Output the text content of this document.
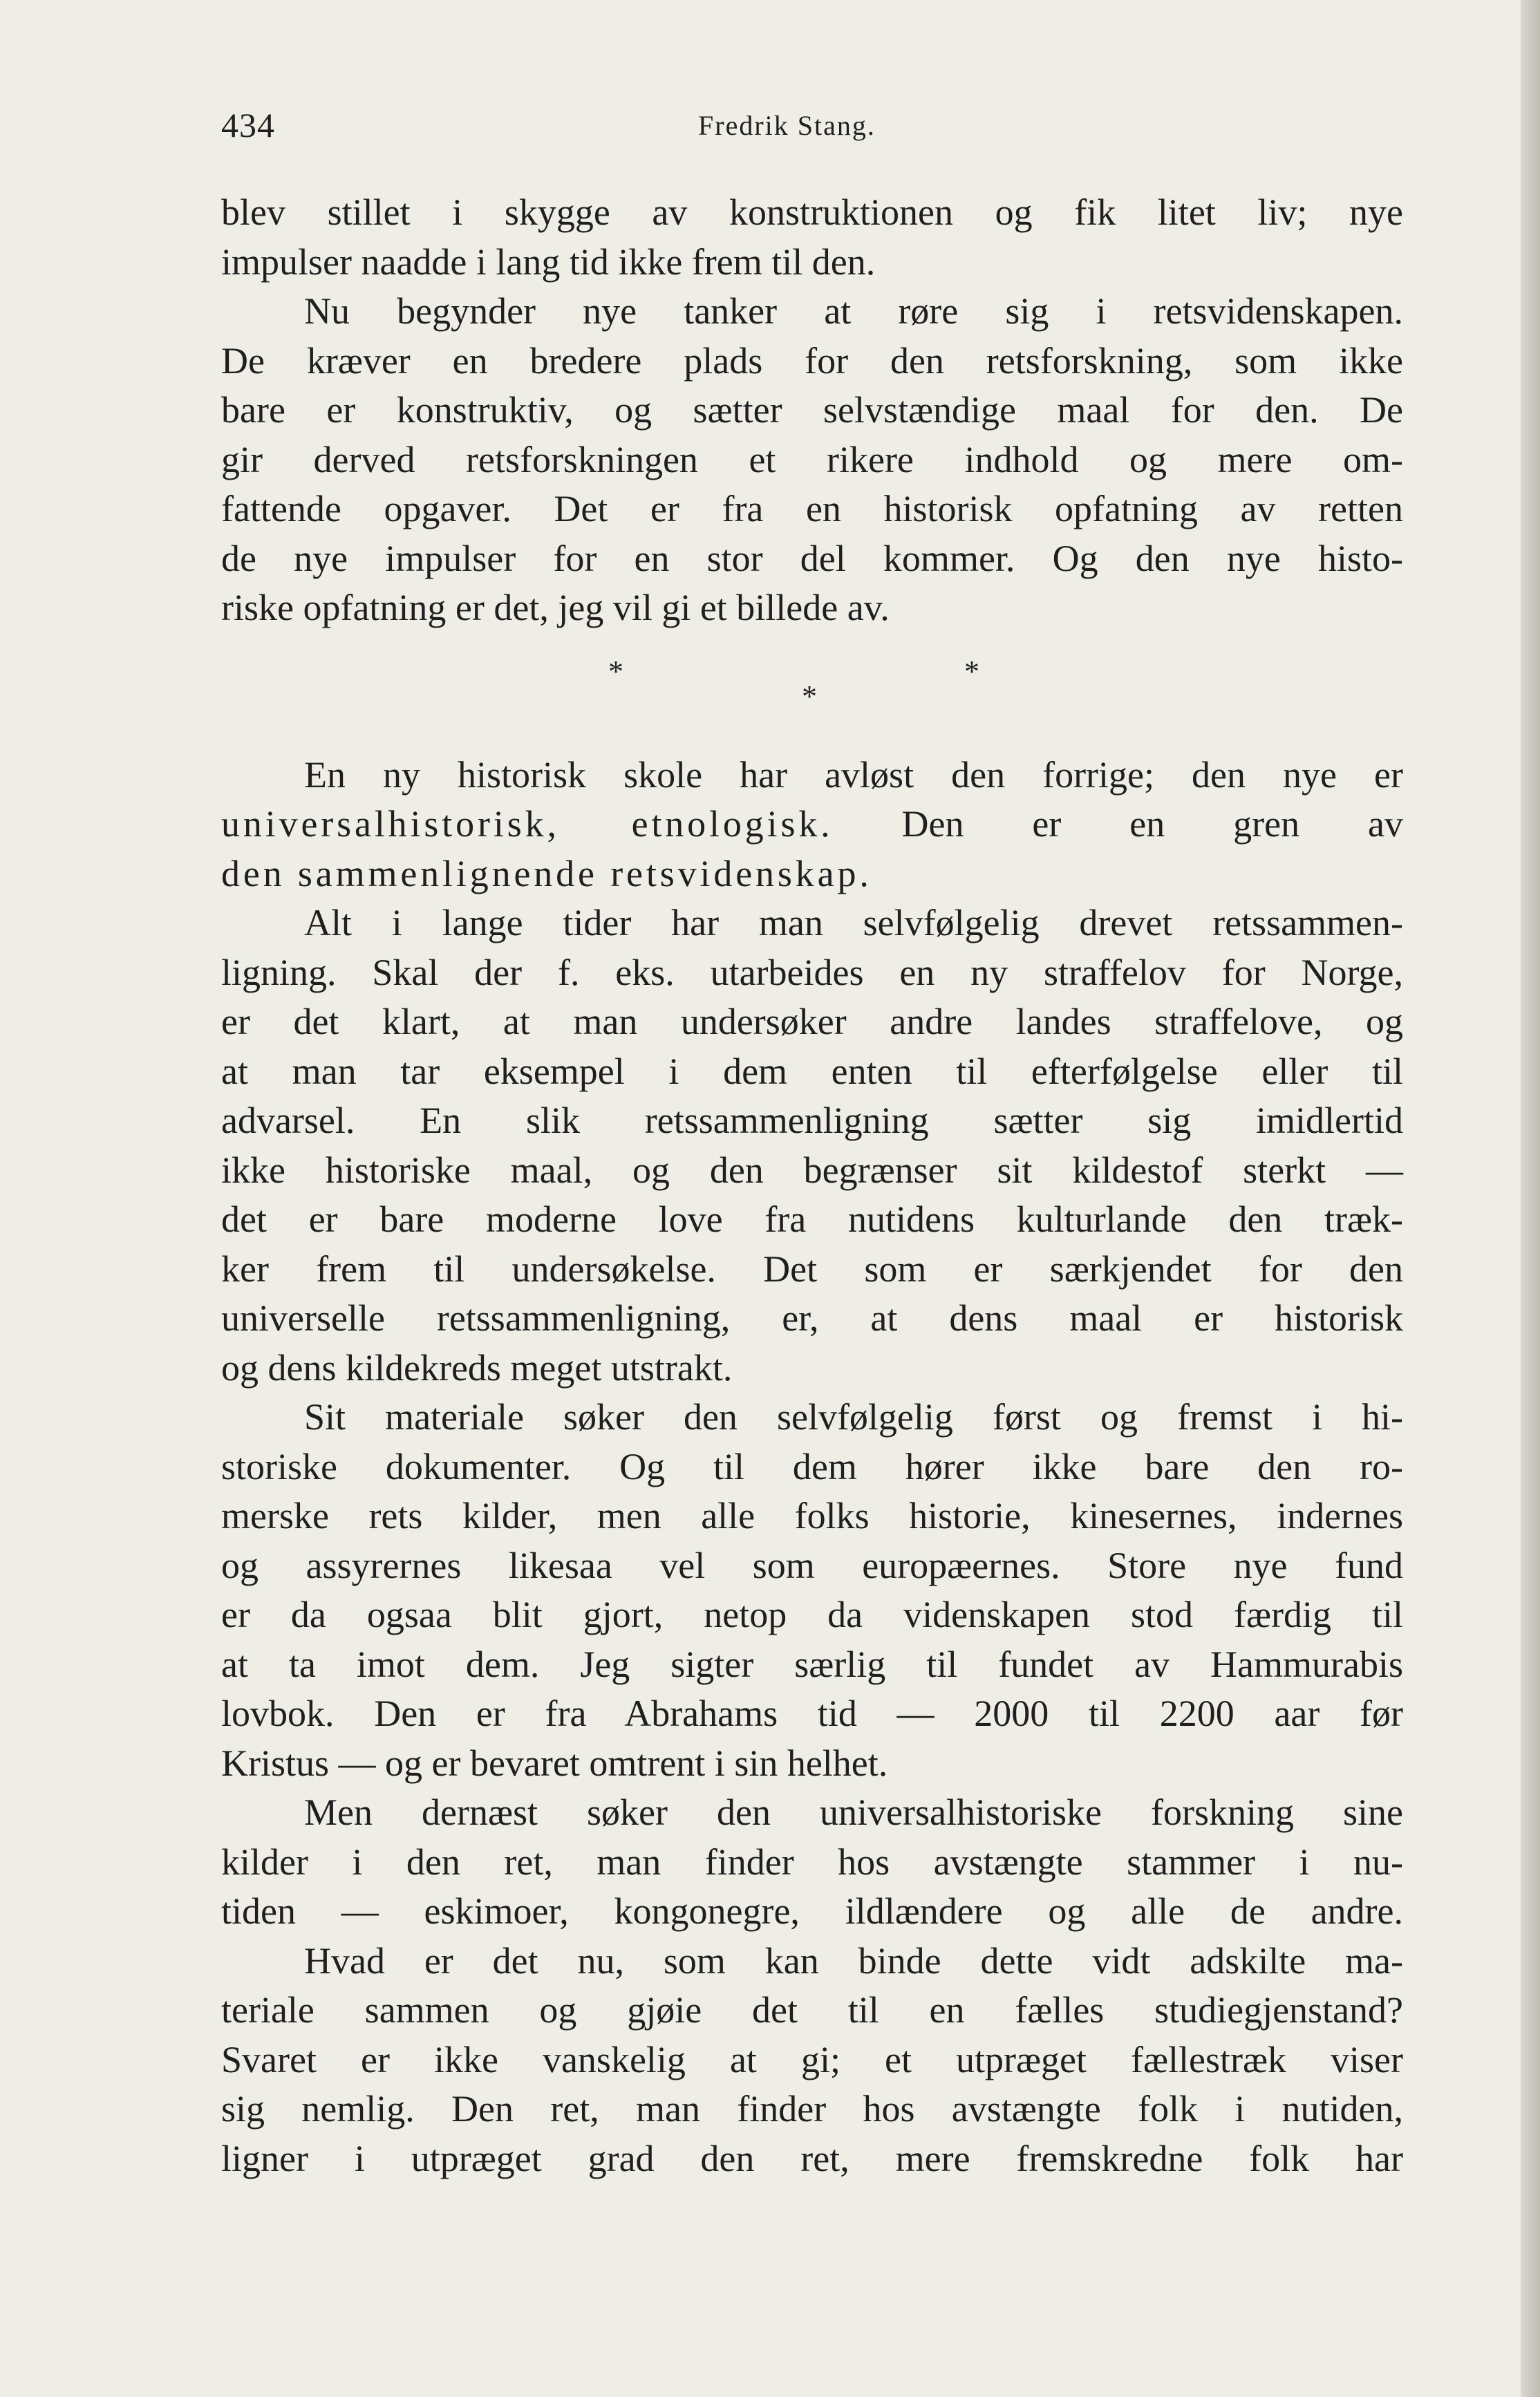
434	Fredrik Stang.
blev stillet i skygge av konstruktionen og fik litet liv; nye
impulser naadde i lang tid ikke frem til den.
Nu begynder nye tanker at røre sig i retsvidenskapen.
De kræver en bredere plads for den retsforskning, som ikke
bare er konstruktiv, og sætter selvstændige maal for den. De
gir derved retsforskningen et rikere indhold og mere om-
fattende opgaver. Det er fra en historisk opfatning av retten
de nye impulser for en stor del kommer. Og den nye histo-
riske opfatning er det, jeg vil gi et billede av.
*
*
*
En ny historisk skole har avløst den forrige; den nye er
universalhistorisk, etnologisk. Den er en gren av
den sammenlignende retsvidenskap.
Alt i lange tider har man selvfølgelig drevet retssammen-
ligning. Skal der f. eks. utarbeides en ny straffelov for Norge,
er det klart, at man undersøker andre landes straffelove, og
at man tar eksempel i dem enten til efterfølgelse eller til
advarsel. En slik retssammenligning sætter sig imidlertid
ikke historiske maal, og den begrænser sit kildestof sterkt —
det er bare moderne love fra nutidens kulturlande den træk-
ker frem til undersøkelse. Det som er særkjendet for den
universelle retssammenligning, er, at dens maal er historisk
og dens kildekreds meget utstrakt.
Sit materiale søker den selvfølgelig først og fremst i hi-
storiske dokumenter. Og til dem hører ikke bare den ro-
merske rets kilder, men alle folks historie, kinesernes, indernes
og assyrernes likesaa vel som europæernes. Store nye fund
er da ogsaa blit gjort, netop da videnskapen stod færdig til
at ta imot dem. Jeg sigter særlig til fundet av Hammurabis
lovbok. Den er fra Abrahams tid — 2000 til 2200 aar før
Kristus — og er bevaret omtrent i sin helhet.
Men dernæst søker den universalhistoriske forskning sine
kilder i den ret, man finder hos avstængte stammer i nu-
tiden — eskimoer, kongonegre, ildlændere og alle de andre.
Hvad er det nu, som kan binde dette vidt adskilte ma-
teriale sammen og gjøie det til en fælles studiegjenstand?
Svaret er ikke vanskelig at gi; et utpræget fællestræk viser
sig nemlig. Den ret, man finder hos avstængte folk i nutiden,
ligner i utpræget grad den ret, mere fremskredne folk har
